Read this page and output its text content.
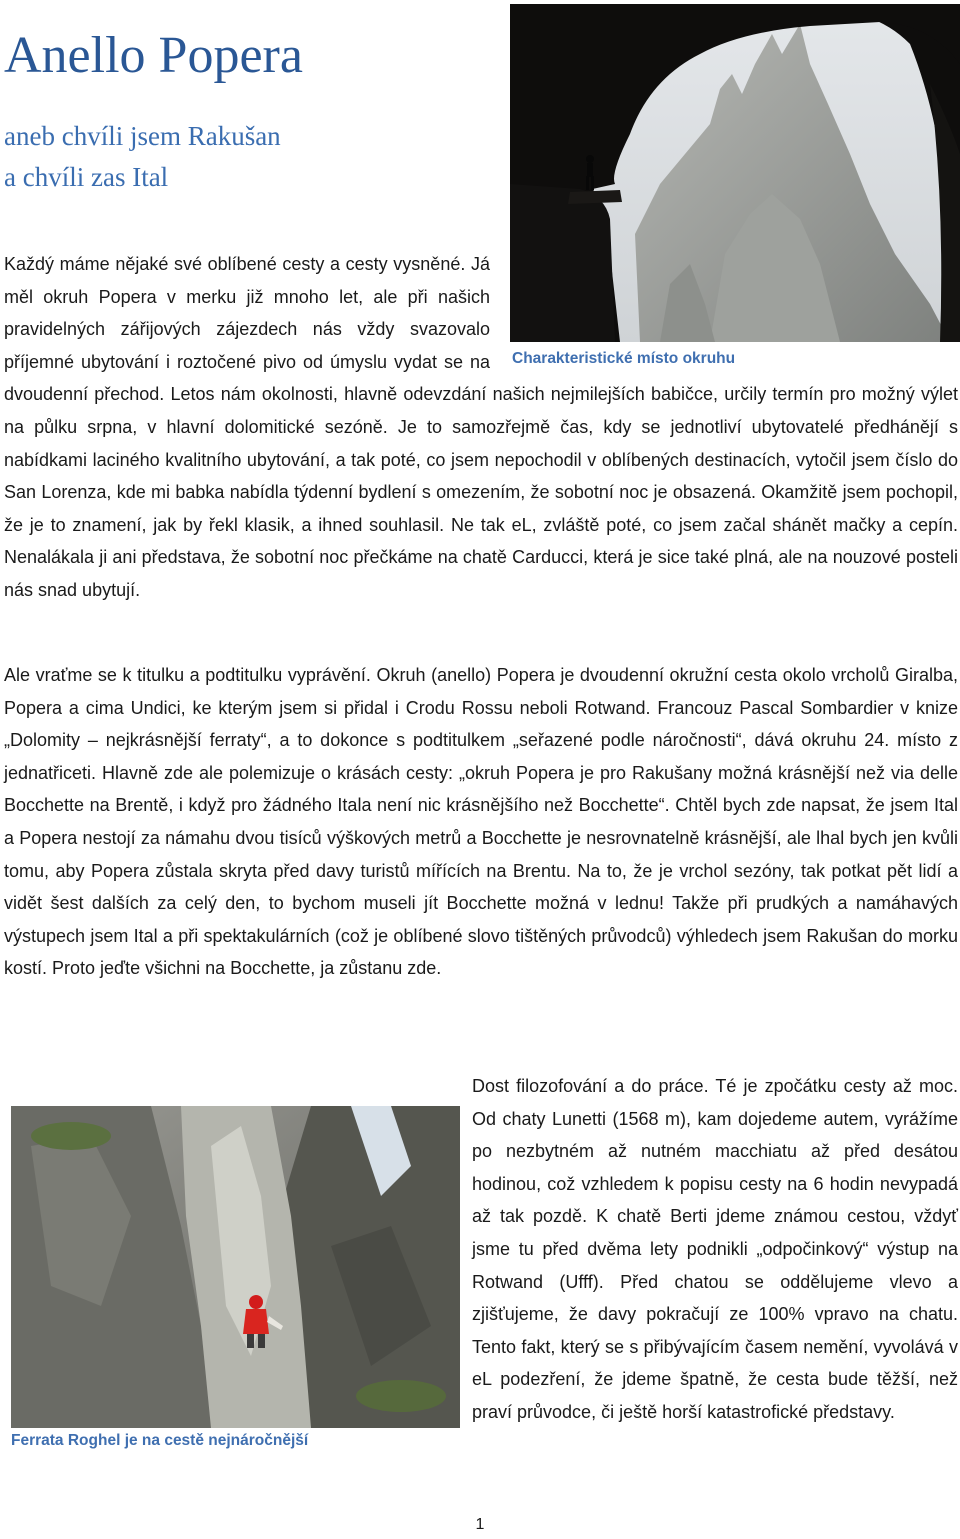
Anello Popera
aneb chvíli jsem Rakušan
a chvíli zas Ital

Charakteristické místo okruhu

Každý máme nějaké své oblíbené cesty a cesty vysněné. Já měl okruh Popera v merku již mnoho let, ale při našich pravidelných zářijových zájezdech nás vždy svazovalo příjemné ubytování i roztočené pivo od úmyslu vydat se na dvoudenní přechod. Letos nám okolnosti, hlavně odevzdání našich nejmilejších babičce, určily termín pro možný výlet na půlku srpna, v hlavní dolomitické sezóně. Je to samozřejmě čas, kdy se jednotliví ubytovatelé předhánějí s nabídkami laciného kvalitního ubytování, a tak poté, co jsem nepochodil v oblíbených destinacích, vytočil jsem číslo do San Lorenza, kde mi babka nabídla týdenní bydlení s omezením, že sobotní noc je obsazená. Okamžitě jsem pochopil, že je to znamení, jak by řekl klasik, a ihned souhlasil. Ne tak eL, zvláště poté, co jsem začal shánět mačky a cepín. Nenalákala ji ani představa, že sobotní noc přečkáme na chatě Carducci, která je sice také plná, ale na nouzové posteli nás snad ubytují.

Ale vraťme se k titulku a podtitulku vyprávění. Okruh (anello) Popera je dvoudenní okružní cesta okolo vrcholů Giralba, Popera a cima Undici, ke kterým jsem si přidal i Crodu Rossu neboli Rotwand. Francouz Pascal Sombardier v knize „Dolomity – nejkrásnější ferraty“, a to dokonce s podtitulkem „seřazené podle náročnosti“, dává okruhu 24. místo z jednatřiceti. Hlavně zde ale polemizuje o krásách cesty: „okruh Popera je pro Rakušany možná krásnější než via delle Bocchette na Brentě, i když pro žádného Itala není nic krásnějšího než Bocchette“. Chtěl bych zde napsat, že jsem Ital a Popera nestojí za námahu dvou tisíců výškových metrů a Bocchette je nesrovnatelně krásnější, ale lhal bych jen kvůli tomu, aby Popera zůstala skryta před davy turistů mířících na Brentu. Na to, že je vrchol sezóny, tak potkat pět lidí a vidět šest dalších za celý den, to bychom museli jít Bocchette možná v lednu! Takže při prudkých a namáhavých výstupech jsem Ital a při spektakulárních (což je oblíbené slovo tištěných průvodců) výhledech jsem Rakušan do morku kostí. Proto jeďte všichni na Bocchette, ja zůstanu zde.

Ferrata Roghel je na cestě nejnáročnější

Dost filozofování a do práce. Té je zpočátku cesty až moc. Od chaty Lunetti (1568 m), kam dojedeme autem, vyrážíme po nezbytném až nutném macchiatu až před desátou hodinou, což vzhledem k popisu cesty na 6 hodin nevypadá až tak pozdě. K chatě Berti jdeme známou cestou, vždyť jsme tu před dvěma lety podnikli „odpočinkový“ výstup na Rotwand (Ufff). Před chatou se oddělujeme vlevo a zjišťujeme, že davy pokračují ze 100% vpravo na chatu. Tento fakt, který se s přibývajícím časem nemění, vyvolává v eL podezření, že jdeme špatně, že cesta bude těžší, než praví průvodce, či ještě horší katastrofické představy.

1
